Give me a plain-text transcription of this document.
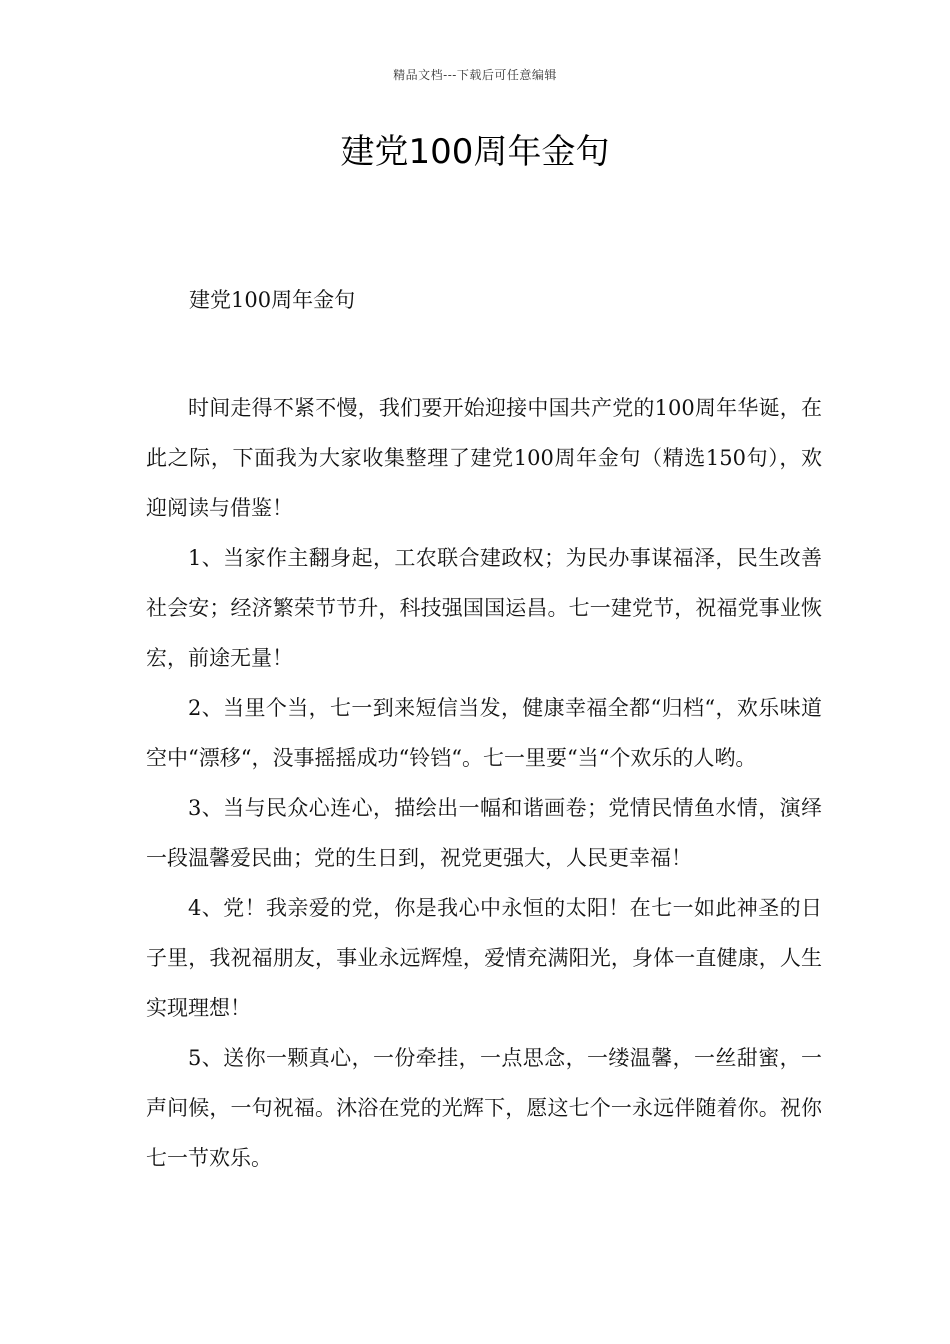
精品文档---下载后可任意编辑
建党100周年金句

建党100周年金句

时间走得不紧不慢，我们要开始迎接中国共产党的100周年华诞，在此之际，下面我为大家收集整理了建党100周年金句（精选150句），欢迎阅读与借鉴！

1、当家作主翻身起，工农联合建政权；为民办事谋福泽，民生改善社会安；经济繁荣节节升，科技强国国运昌。七一建党节，祝福党事业恢宏，前途无量！

2、当里个当，七一到来短信当发，健康幸福全都“归档“，欢乐味道空中“漂移“，没事摇摇成功“铃铛“。七一里要“当“个欢乐的人哟。

3、当与民众心连心，描绘出一幅和谐画卷；党情民情鱼水情，演绎一段温馨爱民曲；党的生日到，祝党更强大，人民更幸福！

4、党！我亲爱的党，你是我心中永恒的太阳！在七一如此神圣的日子里，我祝福朋友，事业永远辉煌，爱情充满阳光，身体一直健康，人生实现理想！

5、送你一颗真心，一份牵挂，一点思念，一缕温馨，一丝甜蜜，一声问候，一句祝福。沐浴在党的光辉下，愿这七个一永远伴随着你。祝你七一节欢乐。
